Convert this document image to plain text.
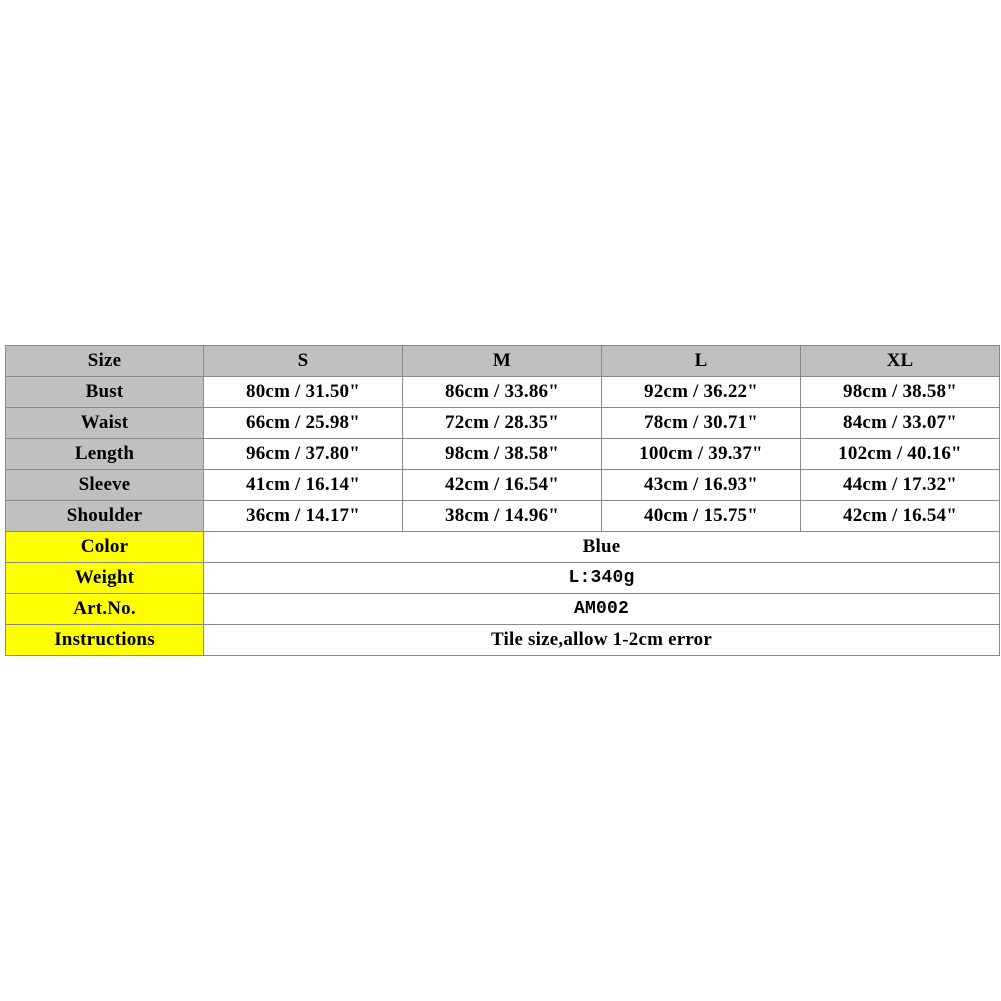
Size	S	M	L	XL
Bust	80cm / 31.50"	86cm / 33.86"	92cm / 36.22"	98cm / 38.58"
Waist	66cm / 25.98"	72cm / 28.35"	78cm / 30.71"	84cm / 33.07"
Length	96cm / 37.80"	98cm / 38.58"	100cm / 39.37"	102cm / 40.16"
Sleeve	41cm / 16.14"	42cm / 16.54"	43cm / 16.93"	44cm / 17.32"
Shoulder	36cm / 14.17"	38cm / 14.96"	40cm / 15.75"	42cm / 16.54"
Color	Blue			
Weight	L:340g			
Art.No.	AM002			
Instructions	Tile size,allow 1-2cm error			
